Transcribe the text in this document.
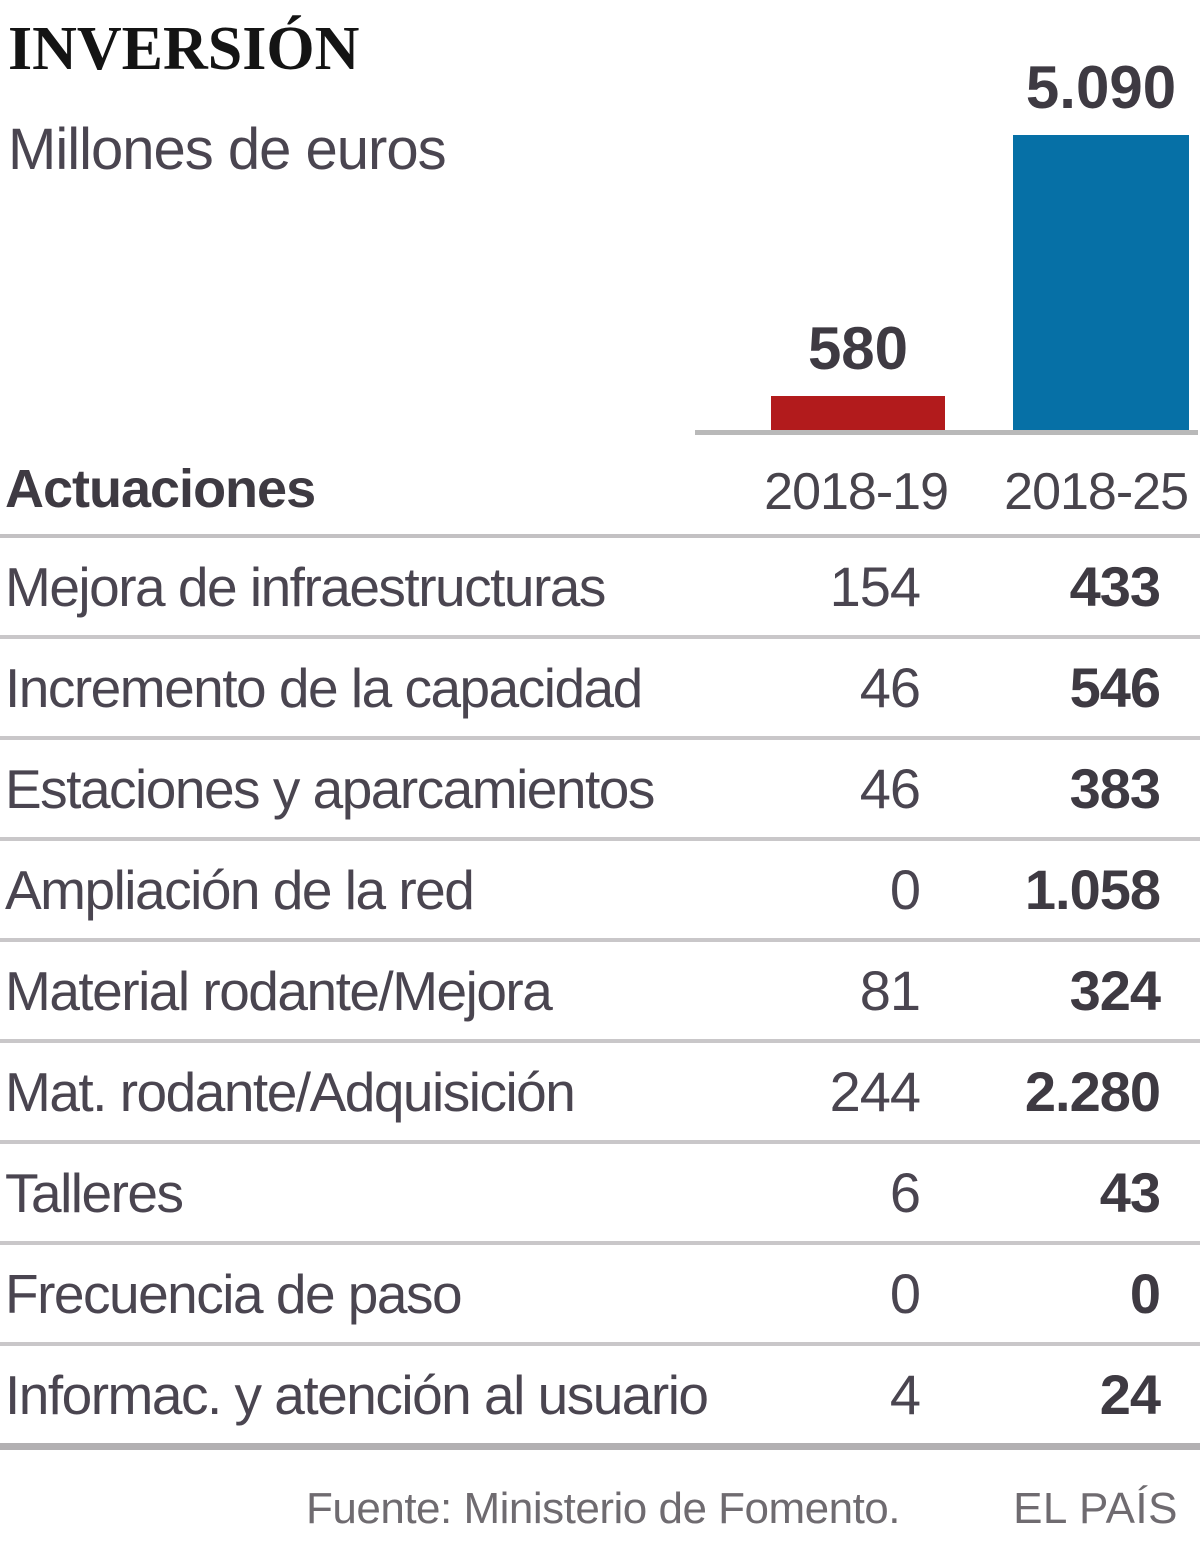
INVERSIÓN
Millones de euros
580
5.090
Actuaciones	2018-19	2018-25
Mejora de infraestructuras	154	433
Incremento de la capacidad	46	546
Estaciones y aparcamientos	46	383
Ampliación de la red	0	1.058
Material rodante/Mejora	81	324
Mat. rodante/Adquisición	244	2.280
Talleres	6	43
Frecuencia de paso	0	0
Informac. y atención al usuario	4	24
Fuente: Ministerio de Fomento.	EL PAÍS
